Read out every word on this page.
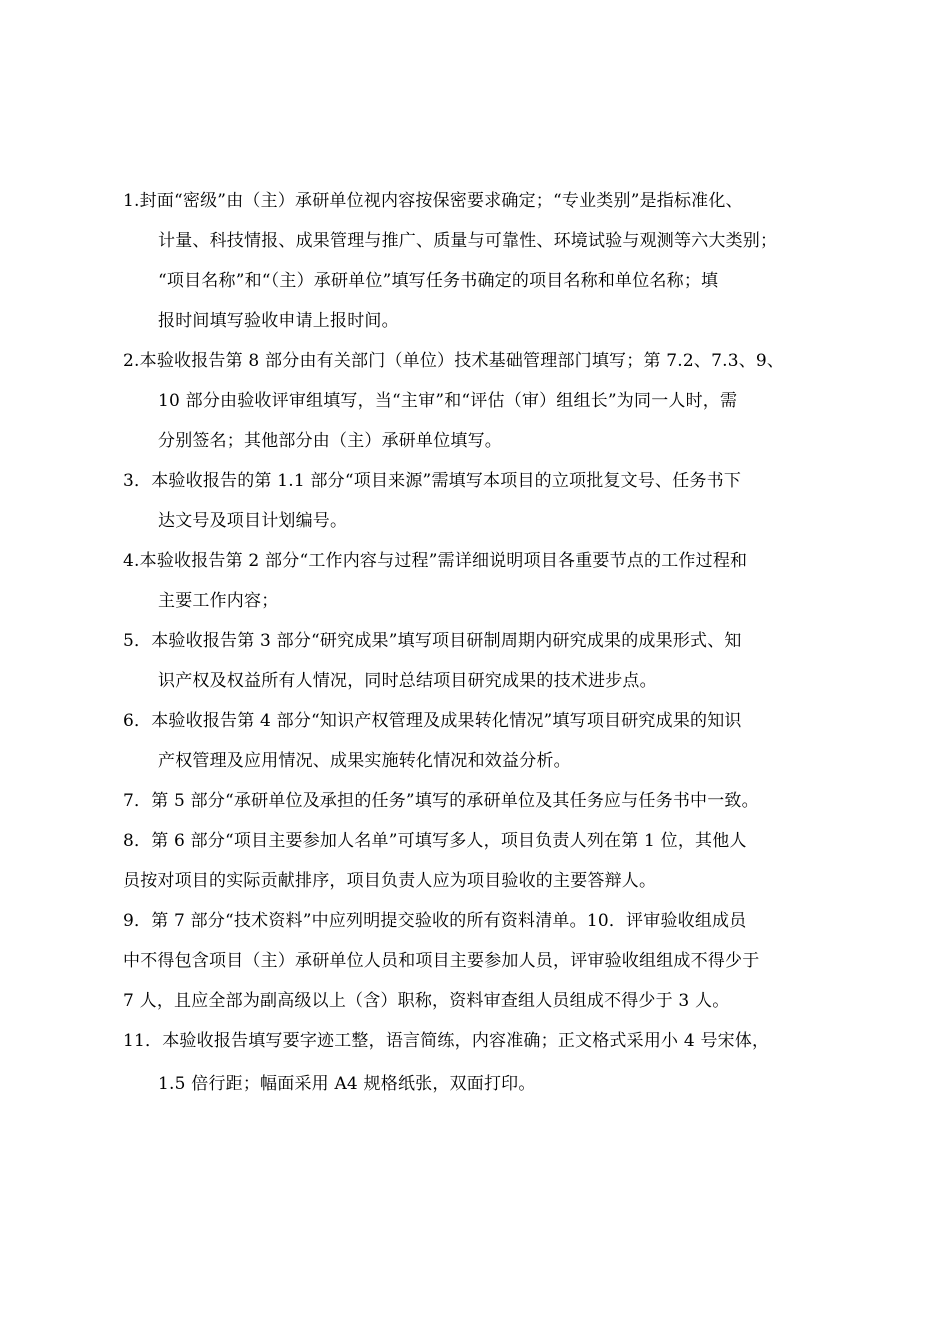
1.封面“密级”由（主）承研单位视内容按保密要求确定；“专业类别”是指标准化、
计量、科技情报、成果管理与推广、质量与可靠性、环境试验与观测等六大类别；
“项目名称”和“（主）承研单位”填写任务书确定的项目名称和单位名称；填
报时间填写验收申请上报时间。
2.本验收报告第 8 部分由有关部门（单位）技术基础管理部门填写；第 7.2、7.3、9、
10 部分由验收评审组填写，当“主审”和“评估（审）组组长”为同一人时，需
分别签名；其他部分由（主）承研单位填写。
3．本验收报告的第 1.1 部分“项目来源”需填写本项目的立项批复文号、任务书下
达文号及项目计划编号。
4.本验收报告第 2 部分“工作内容与过程”需详细说明项目各重要节点的工作过程和
主要工作内容；
5．本验收报告第 3 部分“研究成果”填写项目研制周期内研究成果的成果形式、知
识产权及权益所有人情况，同时总结项目研究成果的技术进步点。
6．本验收报告第 4 部分“知识产权管理及成果转化情况”填写项目研究成果的知识
产权管理及应用情况、成果实施转化情况和效益分析。
7．第 5 部分“承研单位及承担的任务”填写的承研单位及其任务应与任务书中一致。
8．第 6 部分“项目主要参加人名单”可填写多人，项目负责人列在第 1 位，其他人
员按对项目的实际贡献排序，项目负责人应为项目验收的主要答辩人。
9．第 7 部分“技术资料”中应列明提交验收的所有资料清单。10．评审验收组成员
中不得包含项目（主）承研单位人员和项目主要参加人员，评审验收组组成不得少于
7 人，且应全部为副高级以上（含）职称，资料审查组人员组成不得少于 3 人。
11．本验收报告填写要字迹工整，语言简练，内容准确；正文格式采用小 4 号宋体，
1.5 倍行距；幅面采用 A4 规格纸张，双面打印。
